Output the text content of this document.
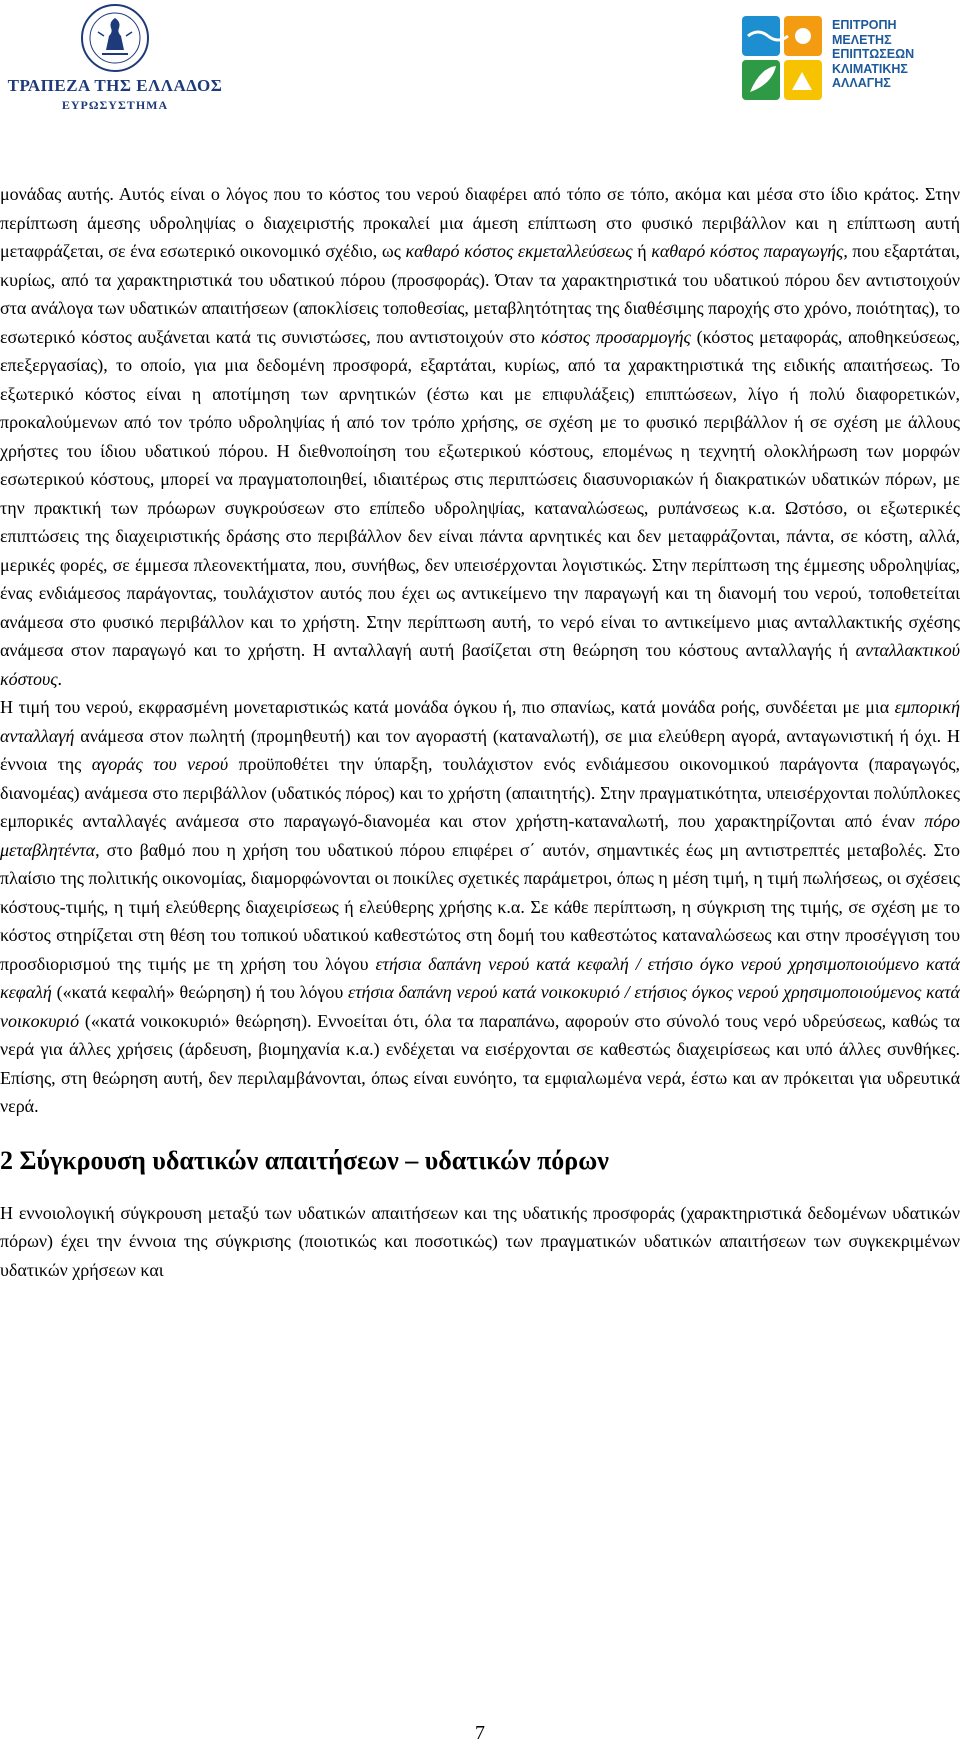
ΤΡΑΠΕΖΑ ΤΗΣ ΕΛΛΑΔΟΣ
ΕΥΡΩΣΥΣΤΗΜΑ
ΕΠΙΤΡΟΠΗ
ΜΕΛΕΤΗΣ
ΕΠΙΠΤΩΣΕΩΝ
ΚΛΙΜΑΤΙΚΗΣ
ΑΛΛΑΓΗΣ

μονάδας αυτής. Αυτός είναι ο λόγος που το κόστος του νερού διαφέρει από τόπο σε τόπο, ακόμα και μέσα στο ίδιο κράτος. Στην περίπτωση άμεσης υδροληψίας ο διαχειριστής προκαλεί μια άμεση επίπτωση στο φυσικό περιβάλλον και η επίπτωση αυτή μεταφράζεται, σε ένα εσωτερικό οικονομικό σχέδιο, ως καθαρό κόστος εκμεταλλεύσεως ή καθαρό κόστος παραγωγής, που εξαρτάται, κυρίως, από τα χαρακτηριστικά του υδατικού πόρου (προσφοράς). Όταν τα χαρακτηριστικά του υδατικού πόρου δεν αντιστοιχούν στα ανάλογα των υδατικών απαιτήσεων (αποκλίσεις τοποθεσίας, μεταβλητότητας της διαθέσιμης παροχής στο χρόνο, ποιότητας), το εσωτερικό κόστος αυξάνεται κατά τις συνιστώσες, που αντιστοιχούν στο κόστος προσαρμογής (κόστος μεταφοράς, αποθηκεύσεως, επεξεργασίας), το οποίο, για μια δεδομένη προσφορά, εξαρτάται, κυρίως, από τα χαρακτηριστικά της ειδικής απαιτήσεως. Το εξωτερικό κόστος είναι η αποτίμηση των αρνητικών (έστω και με επιφυλάξεις) επιπτώσεων, λίγο ή πολύ διαφορετικών, προκαλούμενων από τον τρόπο υδροληψίας ή από τον τρόπο χρήσης, σε σχέση με το φυσικό περιβάλλον ή σε σχέση με άλλους χρήστες του ίδιου υδατικού πόρου. Η διεθνοποίηση του εξωτερικού κόστους, επομένως η τεχνητή ολοκλήρωση των μορφών εσωτερικού κόστους, μπορεί να πραγματοποιηθεί, ιδιαιτέρως στις περιπτώσεις διασυνοριακών ή διακρατικών υδατικών πόρων, με την πρακτική των πρόωρων συγκρούσεων στο επίπεδο υδροληψίας, καταναλώσεως, ρυπάνσεως κ.α. Ωστόσο, οι εξωτερικές επιπτώσεις της διαχειριστικής δράσης στο περιβάλλον δεν είναι πάντα αρνητικές και δεν μεταφράζονται, πάντα, σε κόστη, αλλά, μερικές φορές, σε έμμεσα πλεονεκτήματα, που, συνήθως, δεν υπεισέρχονται λογιστικώς. Στην περίπτωση της έμμεσης υδροληψίας, ένας ενδιάμεσος παράγοντας, τουλάχιστον αυτός που έχει ως αντικείμενο την παραγωγή και τη διανομή του νερού, τοποθετείται ανάμεσα στο φυσικό περιβάλλον και το χρήστη. Στην περίπτωση αυτή, το νερό είναι το αντικείμενο μιας ανταλλακτικής σχέσης ανάμεσα στον παραγωγό και το χρήστη. Η ανταλλαγή αυτή βασίζεται στη θεώρηση του κόστους ανταλλαγής ή ανταλλακτικού κόστους.

Η τιμή του νερού, εκφρασμένη μονεταριστικώς κατά μονάδα όγκου ή, πιο σπανίως, κατά μονάδα ροής, συνδέεται με μια εμπορική ανταλλαγή ανάμεσα στον πωλητή (προμηθευτή) και τον αγοραστή (καταναλωτή), σε μια ελεύθερη αγορά, ανταγωνιστική ή όχι. Η έννοια της αγοράς του νερού προϋποθέτει την ύπαρξη, τουλάχιστον ενός ενδιάμεσου οικονομικού παράγοντα (παραγωγός, διανομέας) ανάμεσα στο περιβάλλον (υδατικός πόρος) και το χρήστη (απαιτητής). Στην πραγματικότητα, υπεισέρχονται πολύπλοκες εμπορικές ανταλλαγές ανάμεσα στο παραγωγό-διανομέα και στον χρήστη-καταναλωτή, που χαρακτηρίζονται από έναν πόρο μεταβλητέντα, στο βαθμό που η χρήση του υδατικού πόρου επιφέρει σ΄ αυτόν, σημαντικές έως μη αντιστρεπτές μεταβολές. Στο πλαίσιο της πολιτικής οικονομίας, διαμορφώνονται οι ποικίλες σχετικές παράμετροι, όπως η μέση τιμή, η τιμή πωλήσεως, οι σχέσεις κόστους-τιμής, η τιμή ελεύθερης διαχειρίσεως ή ελεύθερης χρήσης κ.α. Σε κάθε περίπτωση, η σύγκριση της τιμής, σε σχέση με το κόστος στηρίζεται στη θέση του τοπικού υδατικού καθεστώτος στη δομή του καθεστώτος καταναλώσεως και στην προσέγγιση του προσδιορισμού της τιμής με τη χρήση του λόγου ετήσια δαπάνη νερού κατά κεφαλή / ετήσιο όγκο νερού χρησιμοποιούμενο κατά κεφαλή («κατά κεφαλή» θεώρηση) ή του λόγου ετήσια δαπάνη νερού κατά νοικοκυριό / ετήσιος όγκος νερού χρησιμοποιούμενος κατά νοικοκυριό («κατά νοικοκυριό» θεώρηση). Εννοείται ότι, όλα τα παραπάνω, αφορούν στο σύνολό τους νερό υδρεύσεως, καθώς τα νερά για άλλες χρήσεις (άρδευση, βιομηχανία κ.α.) ενδέχεται να εισέρχονται σε καθεστώς διαχειρίσεως και υπό άλλες συνθήκες. Επίσης, στη θεώρηση αυτή, δεν περιλαμβάνονται, όπως είναι ευνόητο, τα εμφιαλωμένα νερά, έστω και αν πρόκειται για υδρευτικά νερά.

2 Σύγκρουση υδατικών απαιτήσεων – υδατικών πόρων

Η εννοιολογική σύγκρουση μεταξύ των υδατικών απαιτήσεων και της υδατικής προσφοράς (χαρακτηριστικά δεδομένων υδατικών πόρων) έχει την έννοια της σύγκρισης (ποιοτικώς και ποσοτικώς) των πραγματικών υδατικών απαιτήσεων των συγκεκριμένων υδατικών χρήσεων και

7
